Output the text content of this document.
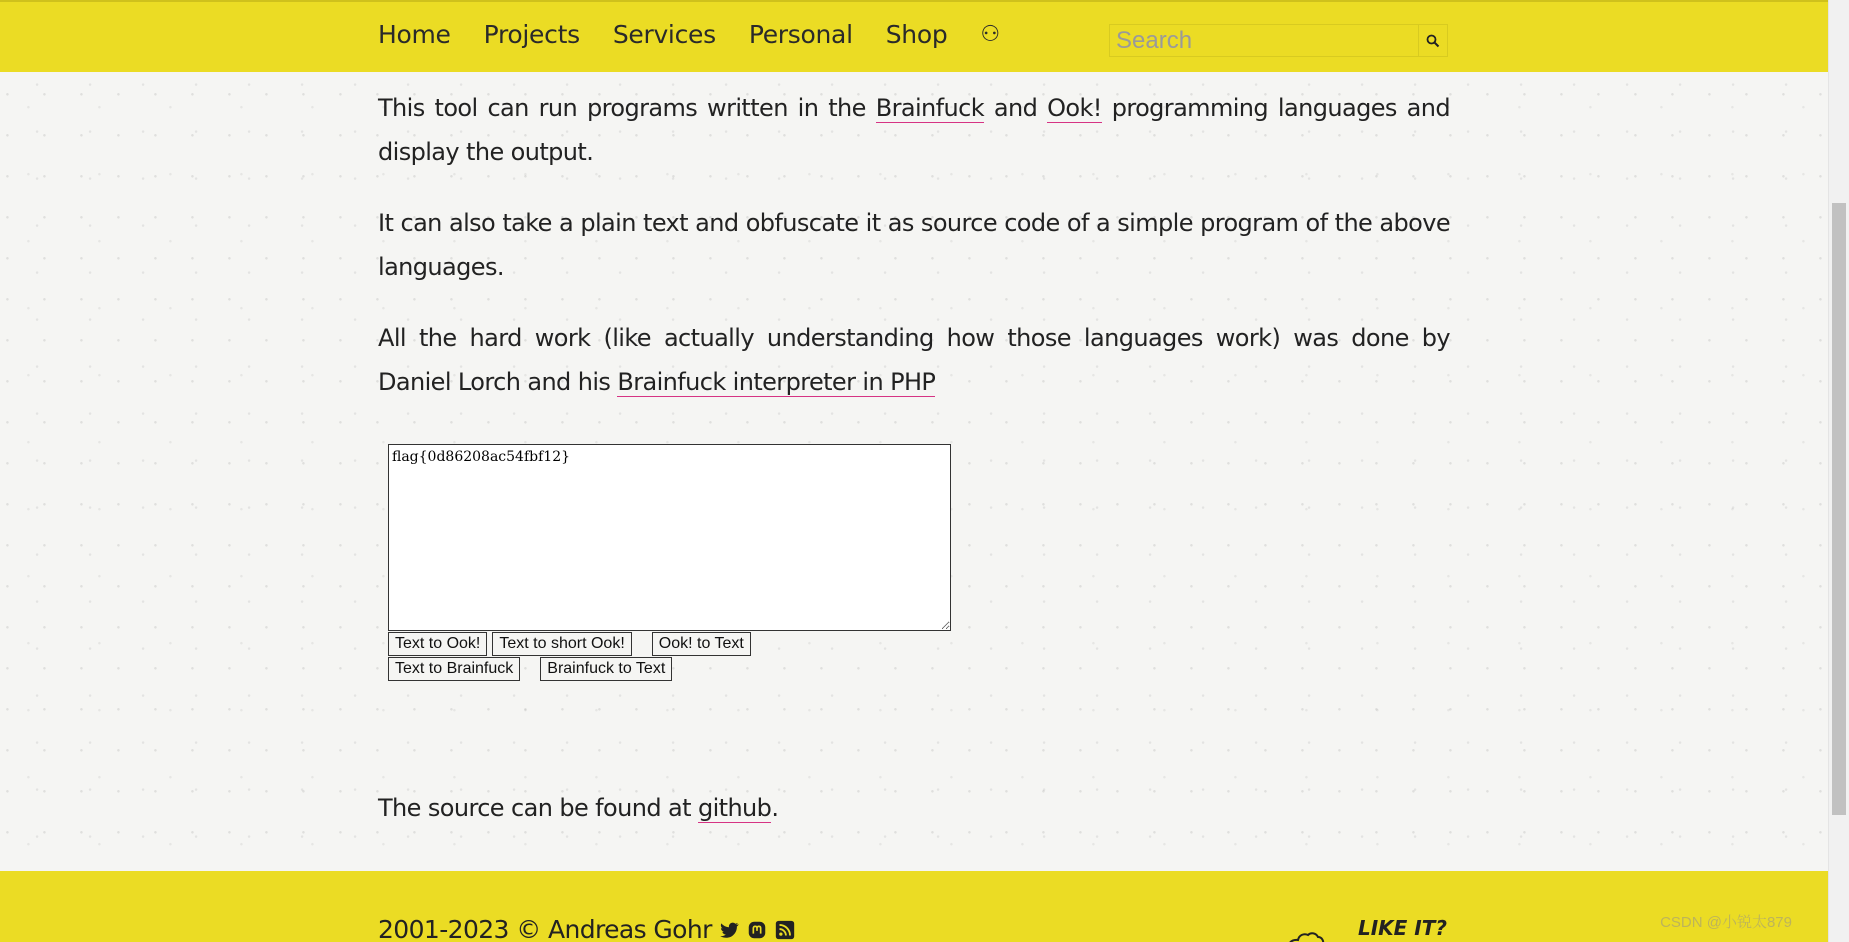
Home Projects Services Personal Shop ⚇
Search

This tool can run programs written in the Brainfuck and Ook! programming languages and display the output.

It can also take a plain text and obfuscate it as source code of a simple program of the above languages.

All the hard work (like actually understanding how those languages work) was done by Daniel Lorch and his Brainfuck interpreter in PHP

flag{0d86208ac54fbf12}
Text to Ook!	Text to short Ook!	Ook! to Text
Text to Brainfuck	Brainfuck to Text
The source can be found at github.
2001-2023 © Andreas Gohr	LIKE IT?	CSDN @小锐太879
